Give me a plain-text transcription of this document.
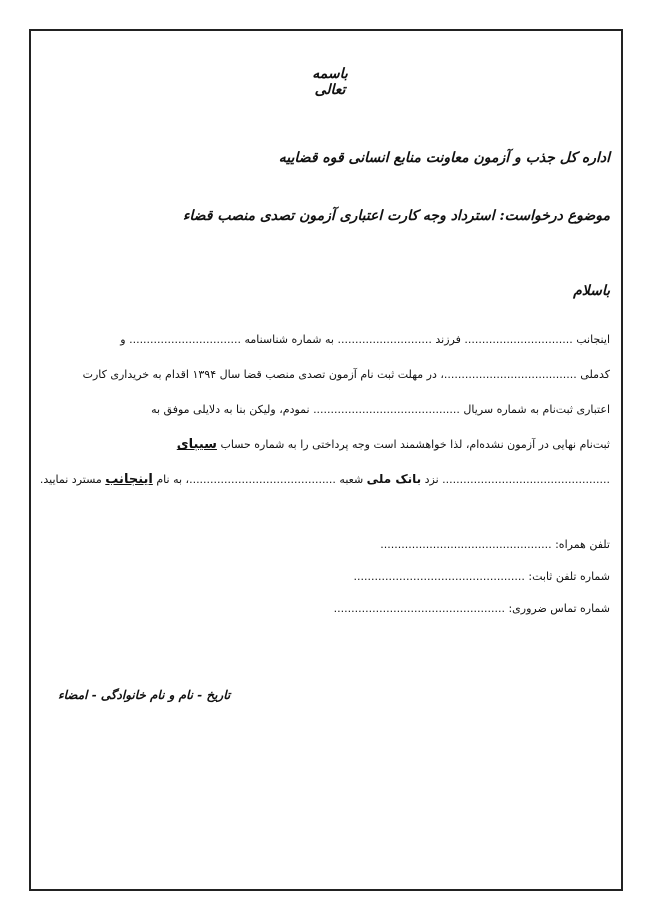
باسمه تعالی
اداره کل جذب و آزمون معاونت منابع انسانی قوه قضاییه
موضوع درخواست: استرداد وجه کارت اعتباری آزمون تصدی منصب قضاء
باسلام
اینجانب ............................... فرزند ........................... به شماره شناسنامه ................................ و
کدملی ......................................، در مهلت ثبت نام آزمون تصدی منصب قضا سال ۱۳۹۴ اقدام به خریداری کارت
اعتباری ثبت‌نام به شماره سریال .......................................... نمودم، ولیکن بنا به دلایلی موفق به
ثبت‌نام نهایی در آزمون نشده‌ام، لذا خواهشمند است وجه پرداختی را به شماره حساب سیبای
................................................ نزد بانک ملی شعبه ..........................................، به نام اینجانب مسترد نمایید.
تلفن همراه: .................................................
شماره تلفن ثابت: .................................................
شماره تماس ضروری: .................................................
تاریخ - نام و نام خانوادگی - امضاء
